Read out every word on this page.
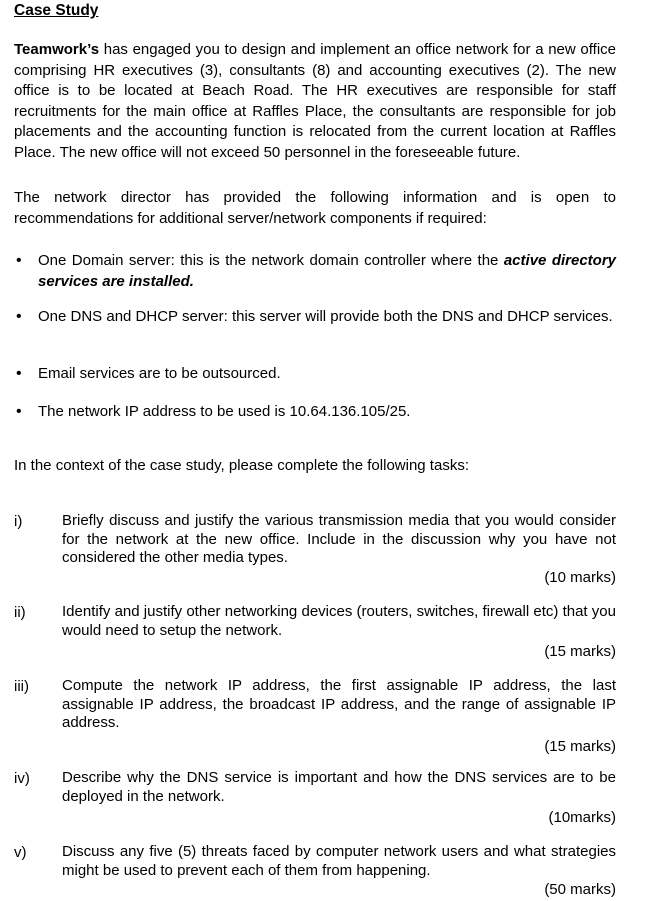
Case Study

Teamwork’s has engaged you to design and implement an office network for a new office comprising HR executives (3), consultants (8) and accounting executives (2). The new office is to be located at Beach Road. The HR executives are responsible for staff recruitments for the main office at Raffles Place, the consultants are responsible for job placements and the accounting function is relocated from the current location at Raffles Place. The new office will not exceed 50 personnel in the foreseeable future.

The network director has provided the following information and is open to recommendations for additional server/network components if required:

• One Domain server: this is the network domain controller where the active directory services are installed.
• One DNS and DHCP server: this server will provide both the DNS and DHCP services.
• Email services are to be outsourced.
• The network IP address to be used is 10.64.136.105/25.

In the context of the case study, please complete the following tasks:

i)	Briefly discuss and justify the various transmission media that you would consider for the network at the new office. Include in the discussion why you have not considered the other media types.
(10 marks)
ii) Identify and justify other networking devices (routers, switches, firewall etc) that you would need to setup the network.
(15 marks)
iii) Compute the network IP address, the first assignable IP address, the last assignable IP address, the broadcast IP address, and the range of assignable IP address.
(15 marks)
iv) Describe why the DNS service is important and how the DNS services are to be deployed in the network.
(10marks)
v) Discuss any five (5) threats faced by computer network users and what strategies might be used to prevent each of them from happening.
(50 marks)
